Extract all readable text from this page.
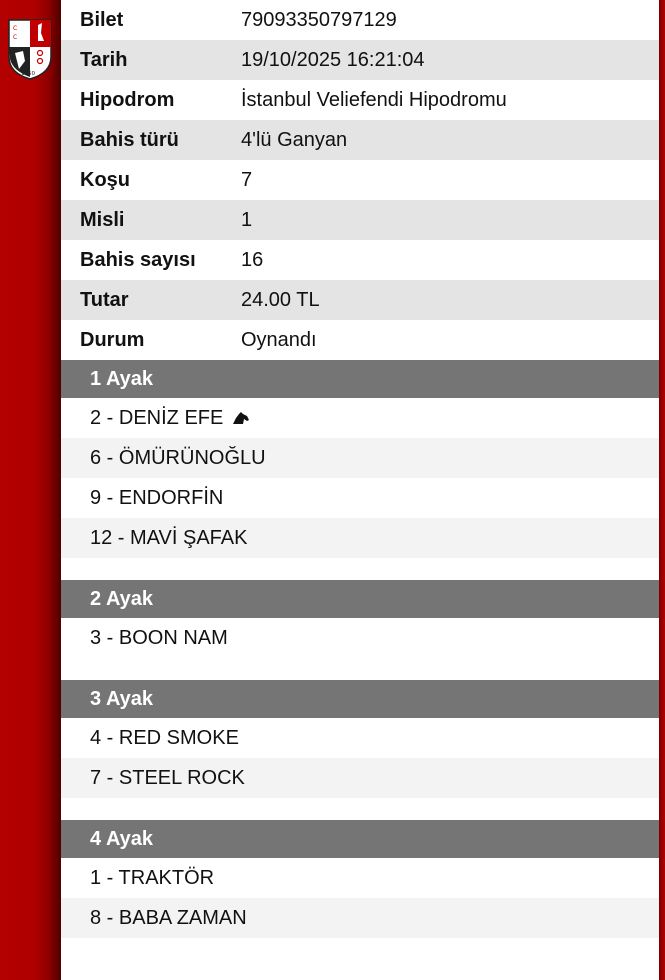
C
C
1950
Bilet	79093350797129
Tarih	19/10/2025 16:21:04
Hipodrom	İstanbul Veliefendi Hipodromu
Bahis türü	4'lü Ganyan
Koşu	7
Misli	1
Bahis sayısı	16
Tutar	24.00 TL
Durum	Oynandı
1 Ayak
2 - DENİZ EFE
6 - ÖMÜRÜNOĞLU
9 - ENDORFİN
12 - MAVİ ŞAFAK
2 Ayak
3 - BOON NAM
3 Ayak
4 - RED SMOKE
7 - STEEL ROCK
4 Ayak
1 - TRAKTÖR
8 - BABA ZAMAN
